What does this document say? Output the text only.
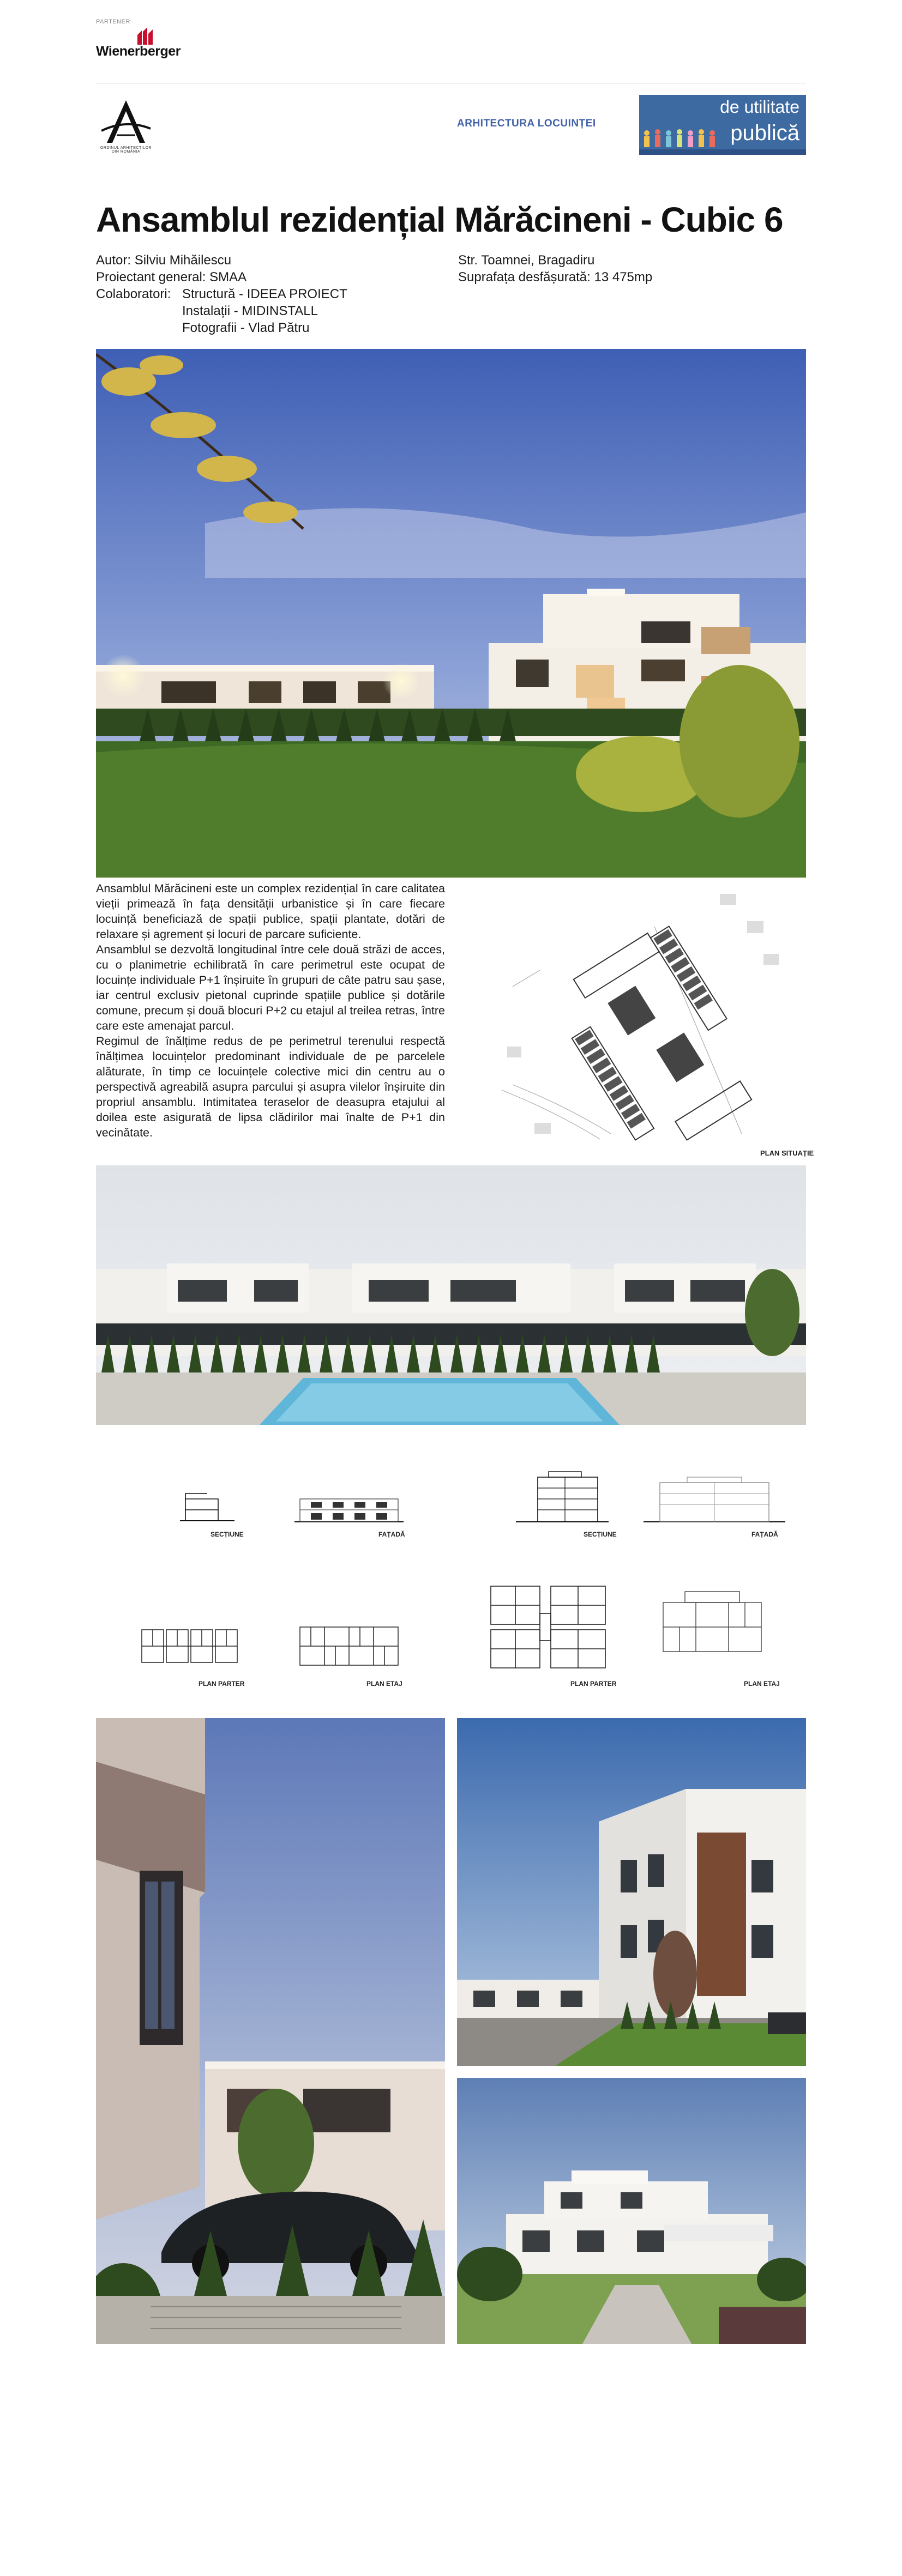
PARTENER
Wienerberger
ORDINUL ARHITECȚILOR DIN ROMÂNIA
ARHITECTURA LOCUINȚEI
de utilitate
publică
Ansamblul rezidențial Mărăcineni - Cubic 6
Autor: Silviu Mihăilescu
Proiectant general: SMAA
Colaboratori: Structură - IDEEA PROIECT
Instalații - MIDINSTALL
Fotografii - Vlad Pătru
Str. Toamnei, Bragadiru
Suprafața desfășurată: 13 475mp

Ansamblul Mărăcineni este un complex rezidențial în care calitatea vieții primează în fața densității urbanistice și în care fiecare locuință beneficiază de spații publice, spații plantate, dotări de relaxare și agrement și locuri de parcare suficiente.

Ansamblul se dezvoltă longitudinal între cele două străzi de acces, cu o planimetrie echilibrată în care perimetrul este ocupat de locuințe individuale P+1 înșiruite în grupuri de câte patru sau șase, iar centrul exclusiv pietonal cuprinde spațiile publice și dotările comune, precum și două blocuri P+2 cu etajul al treilea retras, între care este amenajat parcul.

Regimul de înălțime redus de pe perimetrul terenului respectă înălțimea locuințelor predominant individuale de pe parcelele alăturate, în timp ce locuințele colective mici din centru au o perspectivă agreabilă asupra parcului și asupra vilelor înșiruite din propriul ansamblu. Intimitatea teraselor de deasupra etajului al doilea este asigurată de lipsa clădirilor mai înalte de P+1 din vecinătate.

PLAN SITUAȚIE
SECȚIUNE	FAȚADĂ	SECȚIUNE	FAȚADĂ
PLAN PARTER	PLAN ETAJ	PLAN PARTER	PLAN ETAJ
